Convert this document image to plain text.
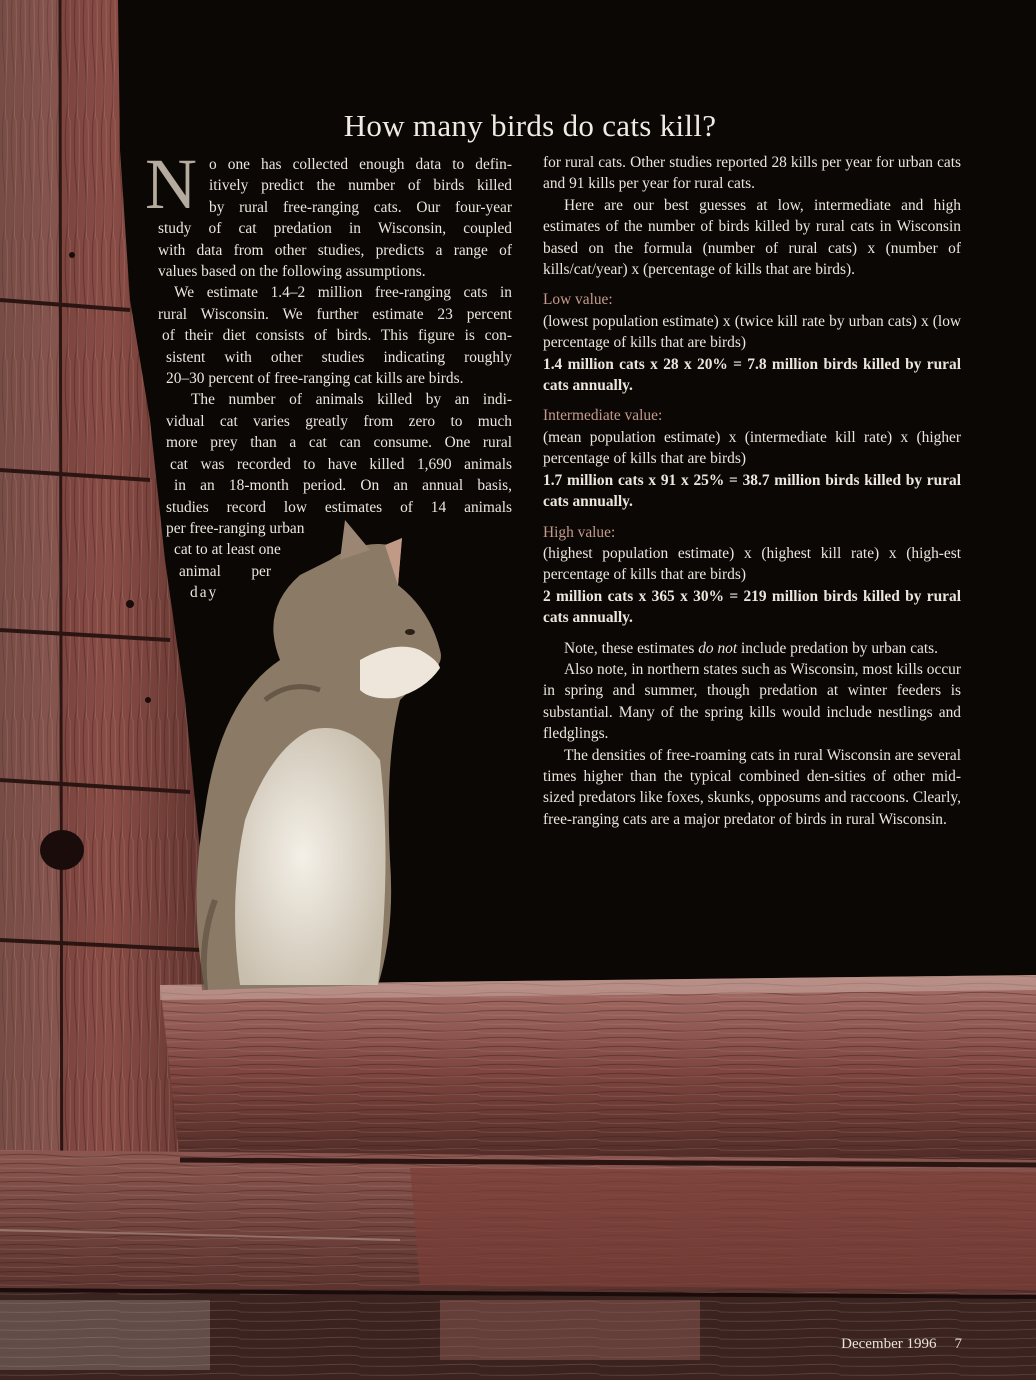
How many birds do cats kill?
N o one has collected enough data to defin-
itively predict the number of birds killed
by rural free-ranging cats. Our four-year
study of cat predation in Wisconsin, coupled
with data from other studies, predicts a range of
values based on the following assumptions.
We estimate 1.4–2 million free-ranging cats in
rural Wisconsin. We further estimate 23 percent
of their diet consists of birds. This figure is con-
sistent with other studies indicating roughly
20–30 percent of free-ranging cat kills are birds.
The number of animals killed by an indi-
vidual cat varies greatly from zero to much
more prey than a cat can consume. One rural
cat was recorded to have killed 1,690 animals
in an 18-month period. On an annual basis,
studies record low estimates of 14 animals
per free-ranging urban
cat to at least one
animal per
day

for rural cats. Other studies reported 28 kills per year for urban cats and 91 kills per year for rural cats.

Here are our best guesses at low, intermediate and high estimates of the number of birds killed by rural cats in Wisconsin based on the formula (number of rural cats) x (number of kills/cat/year) x (percentage of kills that are birds).

Low value:

(lowest population estimate) x (twice kill rate by urban cats) x (low percentage of kills that are birds)

1.4 million cats x 28 x 20% = 7.8 million birds killed by rural cats annually.

Intermediate value:

(mean population estimate) x (intermediate kill rate) x (higher percentage of kills that are birds)

1.7 million cats x 91 x 25% = 38.7 million birds killed by rural cats annually.

High value:

(highest population estimate) x (highest kill rate) x (high-est percentage of kills that are birds)

2 million cats x 365 x 30% = 219 million birds killed by rural cats annually.

Note, these estimates do not include predation by urban cats.

Also note, in northern states such as Wisconsin, most kills occur in spring and summer, though predation at winter feeders is substantial. Many of the spring kills would include nestlings and fledglings.

The densities of free-roaming cats in rural Wisconsin are several times higher than the typical combined den-sities of other mid-sized predators like foxes, skunks, opposums and raccoons. Clearly, free-ranging cats are a major predator of birds in rural Wisconsin.

December 1996 7
